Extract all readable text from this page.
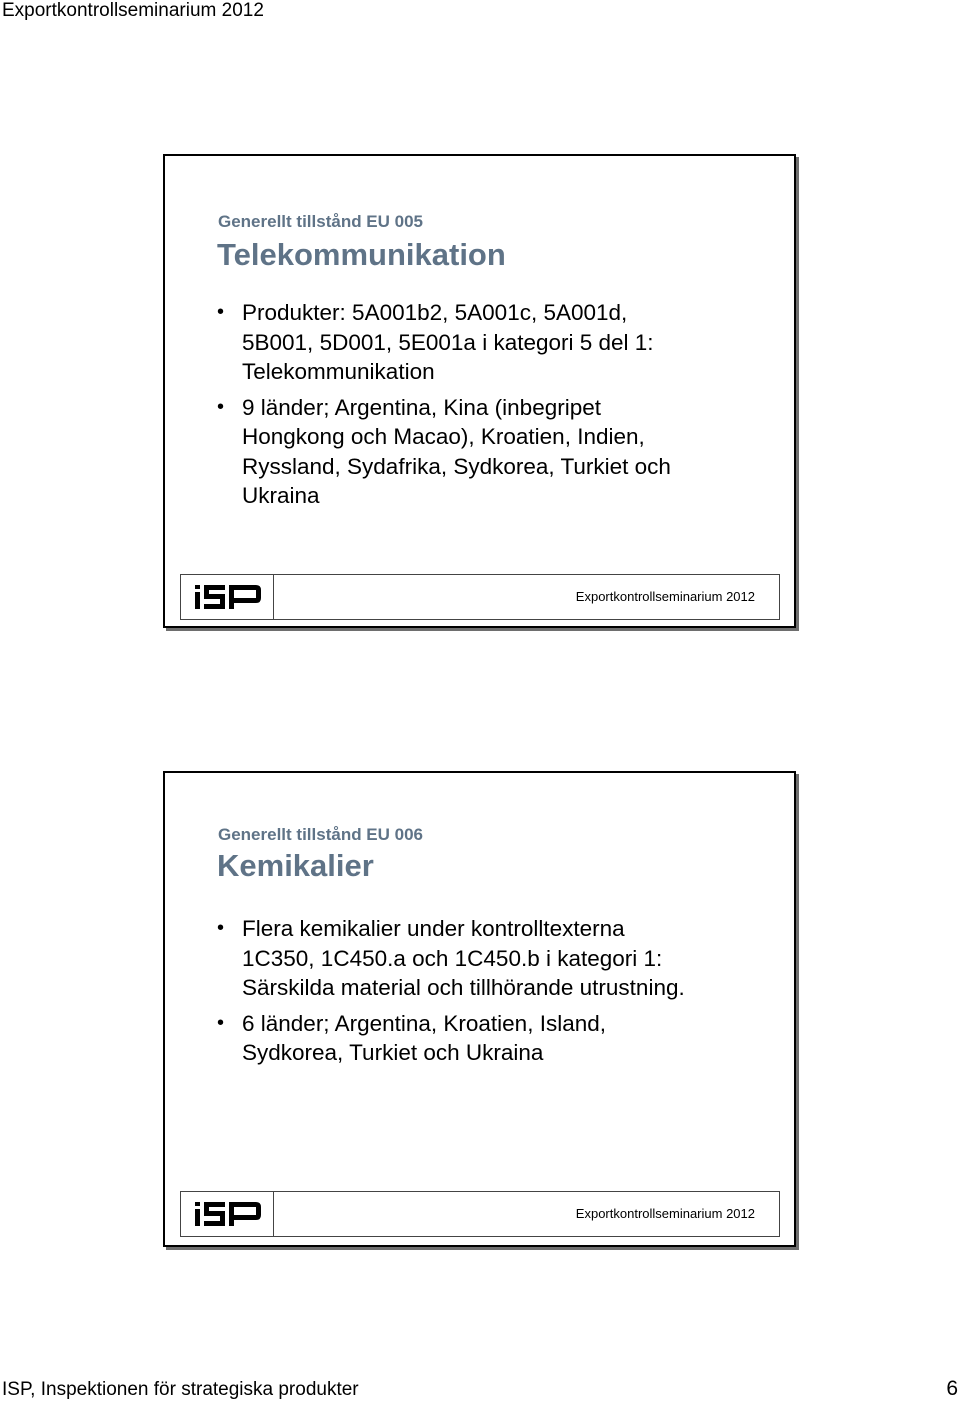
Exportkontrollseminarium 2012
Generellt tillstånd EU 005
Telekommunikation
• Produkter: 5A001b2, 5A001c, 5A001d,
5B001, 5D001, 5E001a i kategori 5 del 1:
Telekommunikation
• 9 länder; Argentina, Kina (inbegripet
Hongkong och Macao), Kroatien, Indien,
Ryssland, Sydafrika, Sydkorea, Turkiet och
Ukraina
Exportkontrollseminarium 2012
Generellt tillstånd EU 006
Kemikalier
• Flera kemikalier under kontrolltexterna
1C350, 1C450.a och 1C450.b i kategori 1:
Särskilda material och tillhörande utrustning.
• 6 länder; Argentina, Kroatien, Island,
Sydkorea, Turkiet och Ukraina
Exportkontrollseminarium 2012
ISP, Inspektionen för strategiska produkter	6
